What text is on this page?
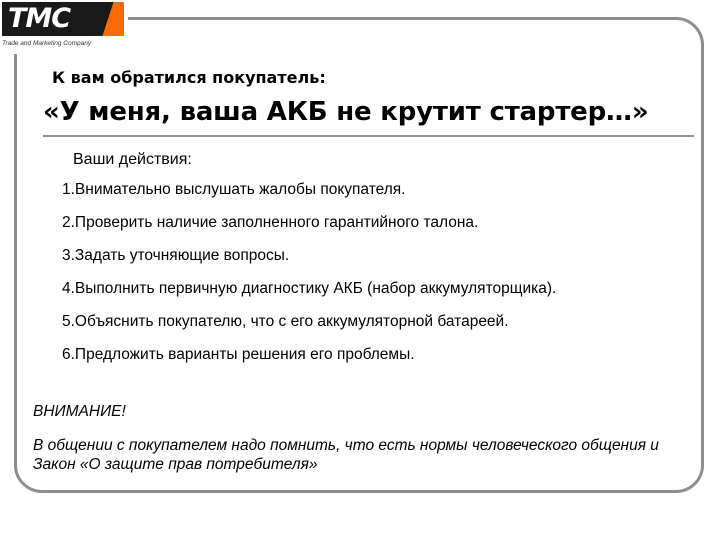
TMC
Trade and Marketing Company
К вам обратился покупатель:
«У меня, ваша АКБ не крутит стартер…»
Ваши действия:
1.Внимательно выслушать жалобы покупателя.
2.Проверить наличие заполненного гарантийного талона.
3.Задать уточняющие вопросы.
4.Выполнить первичную диагностику АКБ (набор аккумуляторщика).
5.Объяснить покупателю, что с его аккумуляторной батареей.
6.Предложить варианты решения его проблемы.
ВНИМАНИЕ!
В общении с покупателем надо помнить, что есть нормы человеческого общения и Закон «О защите прав потребителя»
